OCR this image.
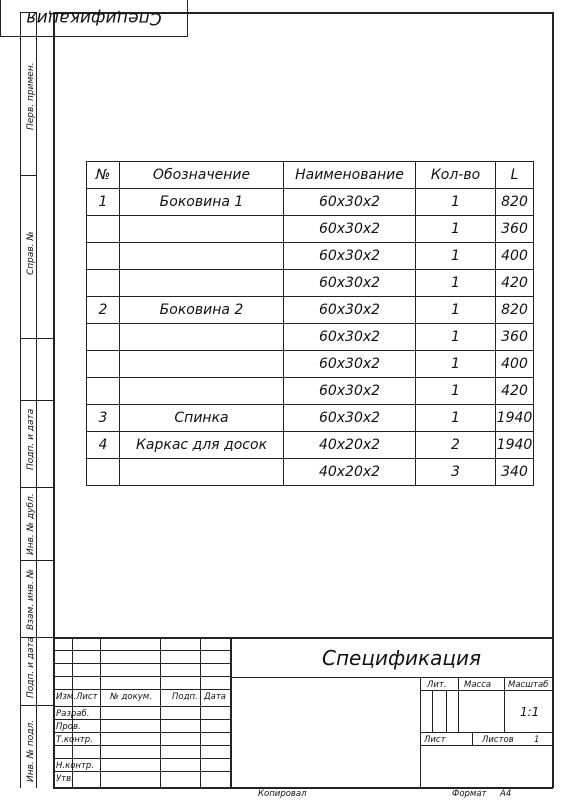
Перв. примен.
Справ. №
Подп. и дата
Инв. № дубл.
Взам. инв. №
Подп. и дата
Инв. № подл.
Спецификация
№	Обозначение	Наименование	Кол-во	L
1	Боковина 1	60x30x2	1	820
		60x30x2	1	360
		60x30x2	1	400
		60x30x2	1	420
2	Боковина 2	60x30x2	1	820
		60x30x2	1	360
		60x30x2	1	400
		60x30x2	1	420
3	Спинка	60x30x2	1	1940
4	Каркас для досок	40x20x2	2	1940
		40x20x2	3	340
Спецификация
Изм. Лист № докум. Подп. Дата
Разраб.
Пров.
Т.контр.
Н.контр.
Утв.
Лит. Масса Масштаб
1:1
Лист	Листов 1
Копировал	Формат A4
